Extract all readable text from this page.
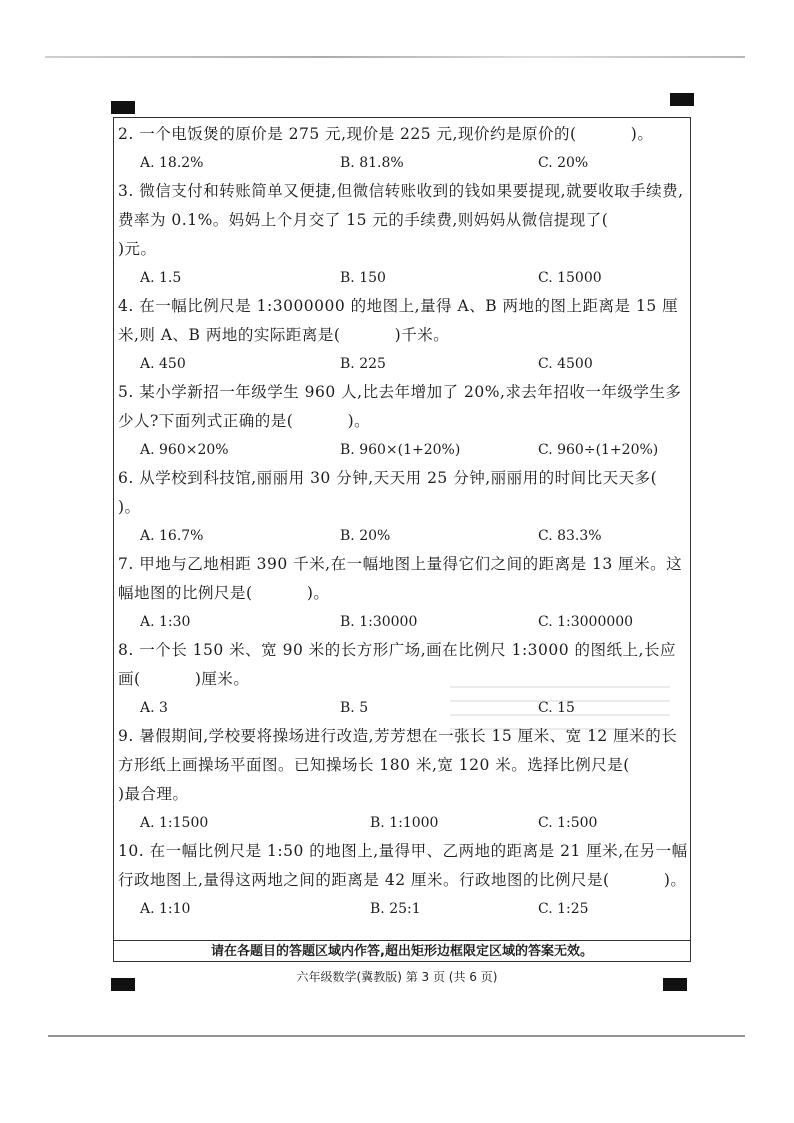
2. 一个电饭煲的原价是 275 元,现价是 225 元,现价约是原价的(          )。
A. 18.2%	B. 81.8%	C. 20%
3. 微信支付和转账简单又便捷,但微信转账收到的钱如果要提现,就要收取手续费,费率为 0.1%。妈妈上个月交了 15 元的手续费,则妈妈从微信提现了(              )元。
A. 1.5	B. 150	C. 15000
4. 在一幅比例尺是 1:3000000 的地图上,量得 A、B 两地的图上距离是 15 厘米,则 A、B 两地的实际距离是(          )千米。
A. 450	B. 225	C. 4500
5. 某小学新招一年级学生 960 人,比去年增加了 20%,求去年招收一年级学生多少人?下面列式正确的是(          )。
A. 960×20%	B. 960×(1+20%)	C. 960÷(1+20%)
6. 从学校到科技馆,丽丽用 30 分钟,天天用 25 分钟,丽丽用的时间比天天多(          )。
A. 16.7%	B. 20%	C. 83.3%
7. 甲地与乙地相距 390 千米,在一幅地图上量得它们之间的距离是 13 厘米。这幅地图的比例尺是(          )。
A. 1:30	B. 1:30000	C. 1:3000000
8. 一个长 150 米、宽 90 米的长方形广场,画在比例尺 1:3000 的图纸上,长应画(          )厘米。
A. 3	B. 5	C. 15
9. 暑假期间,学校要将操场进行改造,芳芳想在一张长 15 厘米、宽 12 厘米的长方形纸上画操场平面图。已知操场长 180 米,宽 120 米。选择比例尺是(          )最合理。
A. 1:1500	B. 1:1000	C. 1:500
10. 在一幅比例尺是 1:50 的地图上,量得甲、乙两地的距离是 21 厘米,在另一幅行政地图上,量得这两地之间的距离是 42 厘米。行政地图的比例尺是(          )。
A. 1:10	B. 25:1	C. 1:25
请在各题目的答题区域内作答,超出矩形边框限定区域的答案无效。
六年级数学(冀教版) 第 3 页 (共 6 页)
